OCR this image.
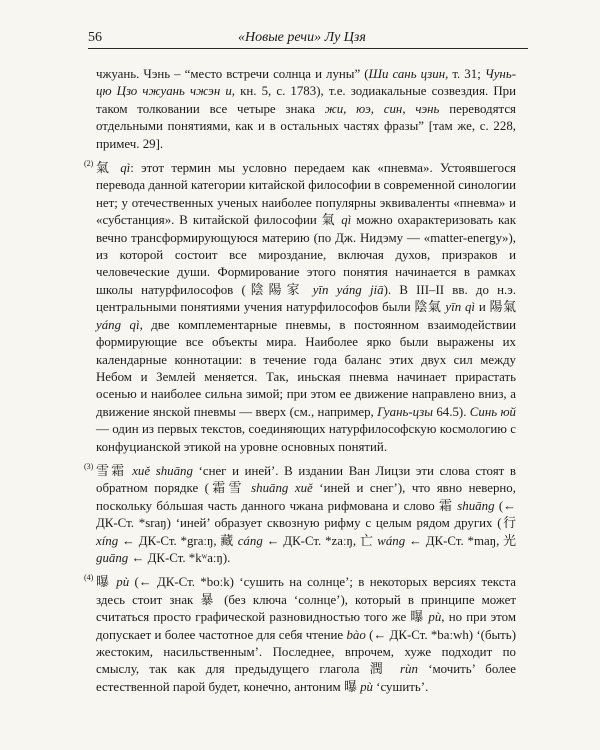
56	«Новые речи» Лу Цзя

чжуань. Чэнь – “место встречи солнца и луны” (Ши сань цзин, т. 31; Чунь-цю Цзо чжуань чжэн и, кн. 5, с. 1783), т.е. зодиакальные созвездия. При таком толковании все четыре знака жи, юэ, син, чэнь переводятся отдельными понятиями, как и в остальных частях фразы” [там же, с. 228, примеч. 29].

(2) 氣 qì: этот термин мы условно передаем как «пневма». Устоявшегося перевода данной категории китайской философии в современной синологии нет; у отечественных ученых наиболее популярны эквиваленты «пневма» и «субстанция». В китайской философии 氣 qì можно охарактеризовать как вечно трансформирующуюся материю (по Дж. Нидэму — «matter-energy»), из которой состоит все мироздание, включая духов, призраков и человеческие души. Формирование этого понятия начинается в рамках школы натурфилософов (陰陽家 yīn yáng jiā). В III–II вв. до н.э. центральными понятиями учения натурфилософов были 陰氣 yīn qì и 陽氣 yáng qì, две комплементарные пневмы, в постоянном взаимодействии формирующие все объекты мира. Наиболее ярко были выражены их календарные коннотации: в течение года баланс этих двух сил между Небом и Землей меняется. Так, иньская пневма начинает прирастать осенью и наиболее сильна зимой; при этом ее движение направлено вниз, а движение янской пневмы — вверх (см., например, Гуань-цзы 64.5). Синь юй — один из первых текстов, соединяющих натурфилософскую космологию с конфуцианской этикой на уровне основных понятий.

(3) 雪霜 xuě shuāng ‘снег и иней’. В издании Ван Лицзи эти слова стоят в обратном порядке (霜雪 shuāng xuě ‘иней и снег’), что явно неверно, поскольку бóльшая часть данного чжана рифмована и слово 霜 shuāng (← ДК-Ст. *sraŋ) ‘иней’ образует сквозную рифму с целым рядом других (行 xíng ← ДК-Ст. *graːŋ, 藏 cáng ← ДК-Ст. *zaːŋ, 亡 wáng ← ДК-Ст. *maŋ, 光 guāng ← ДК-Ст. *kʷaːŋ).

(4) 曝 pù (← ДК-Ст. *boːk) ‘сушить на солнце’; в некоторых версиях текста здесь стоит знак 暴 (без ключа ‘солнце’), который в принципе может считаться просто графической разновидностью того же 曝 pù, но при этом допускает и более частотное для себя чтение bào (← ДК-Ст. *baːwh) ‘(быть) жестоким, насильственным’. Последнее, впрочем, хуже подходит по смыслу, так как для предыдущего глагола 潤 rùn ‘мочить’ более естественной парой будет, конечно, антоним 曝 pù ‘сушить’.
